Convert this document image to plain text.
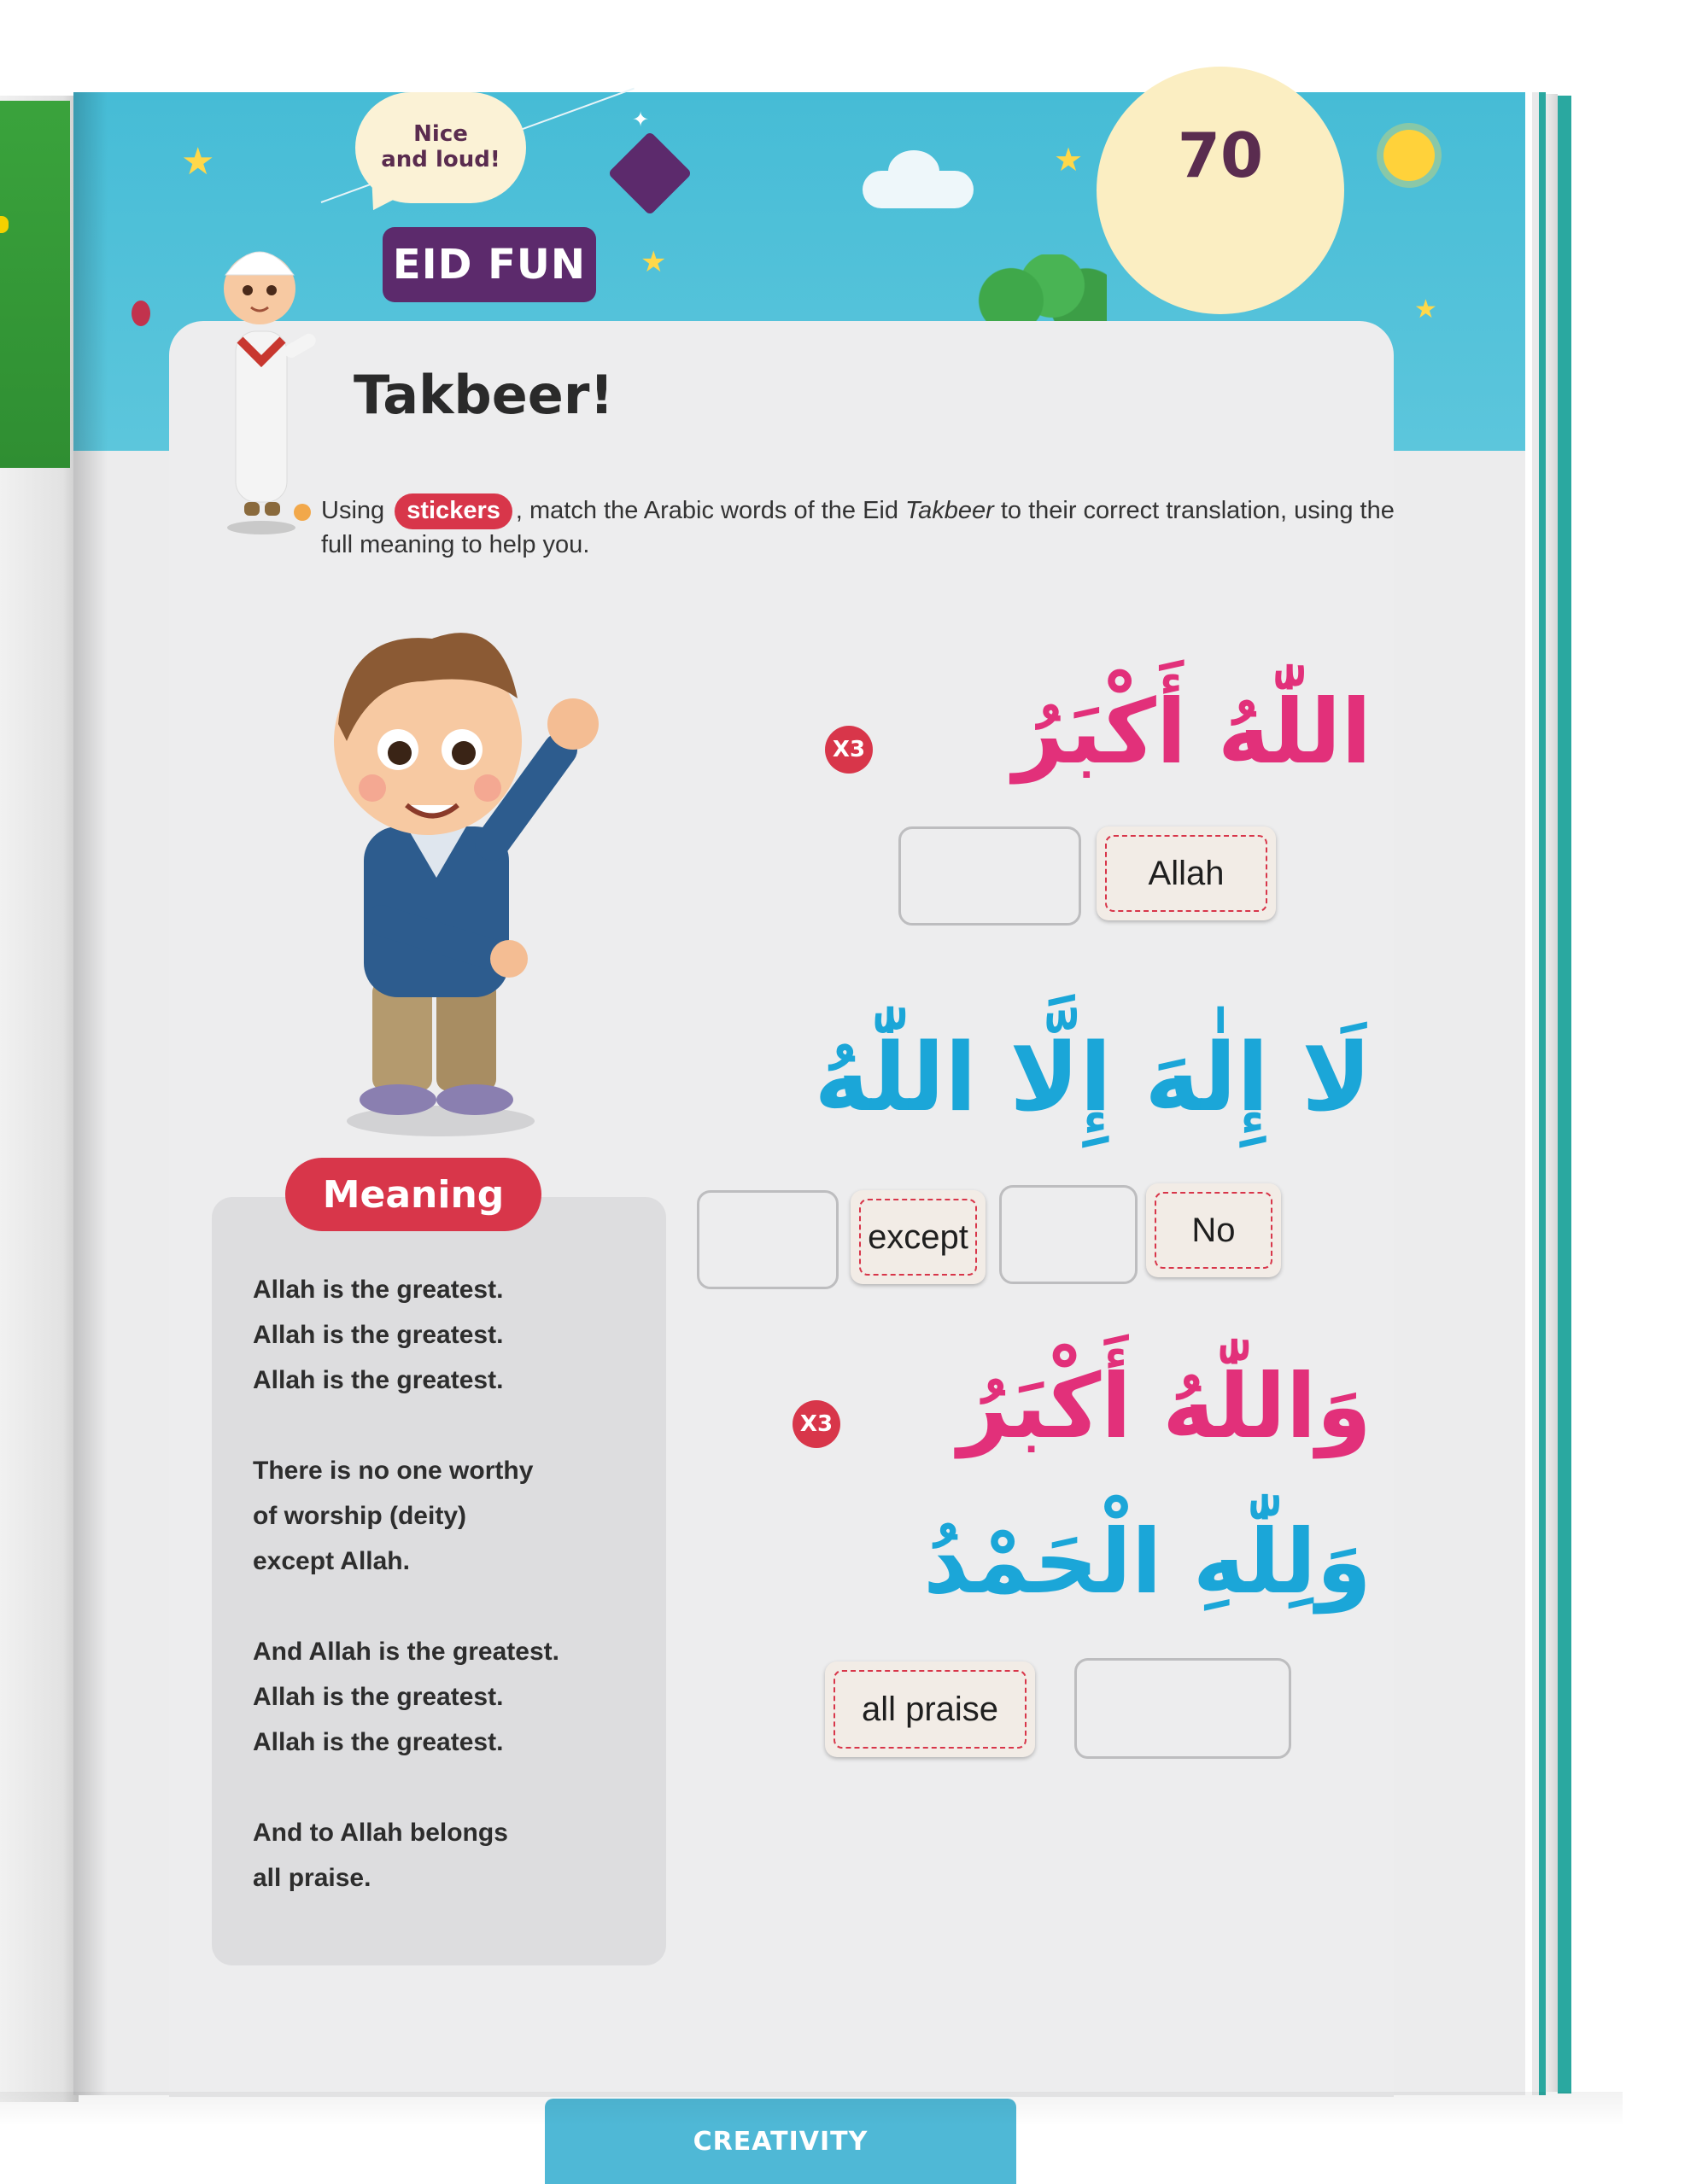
★
★
★
★
✦	70
Nice
and loud!
EID FUN
Takbeer!
Using stickers , match the Arabic words of the Eid Takbeer to their correct translation, using the full meaning to help you.
Meaning

Allah is the greatest.
Allah is the greatest.
Allah is the greatest.

There is no one worthy
of worship (deity)
except Allah.

And Allah is the greatest.
Allah is the greatest.
Allah is the greatest.

And to Allah belongs
all praise.

X3	اللّٰهُ أَكْبَرُ
Allah
لَا إِلٰهَ إِلَّا اللّٰهُ
except	No
X3	وَاللّٰهُ أَكْبَرُ
وَلِلّٰهِ الْحَمْدُ
all praise
CREATIVITY
